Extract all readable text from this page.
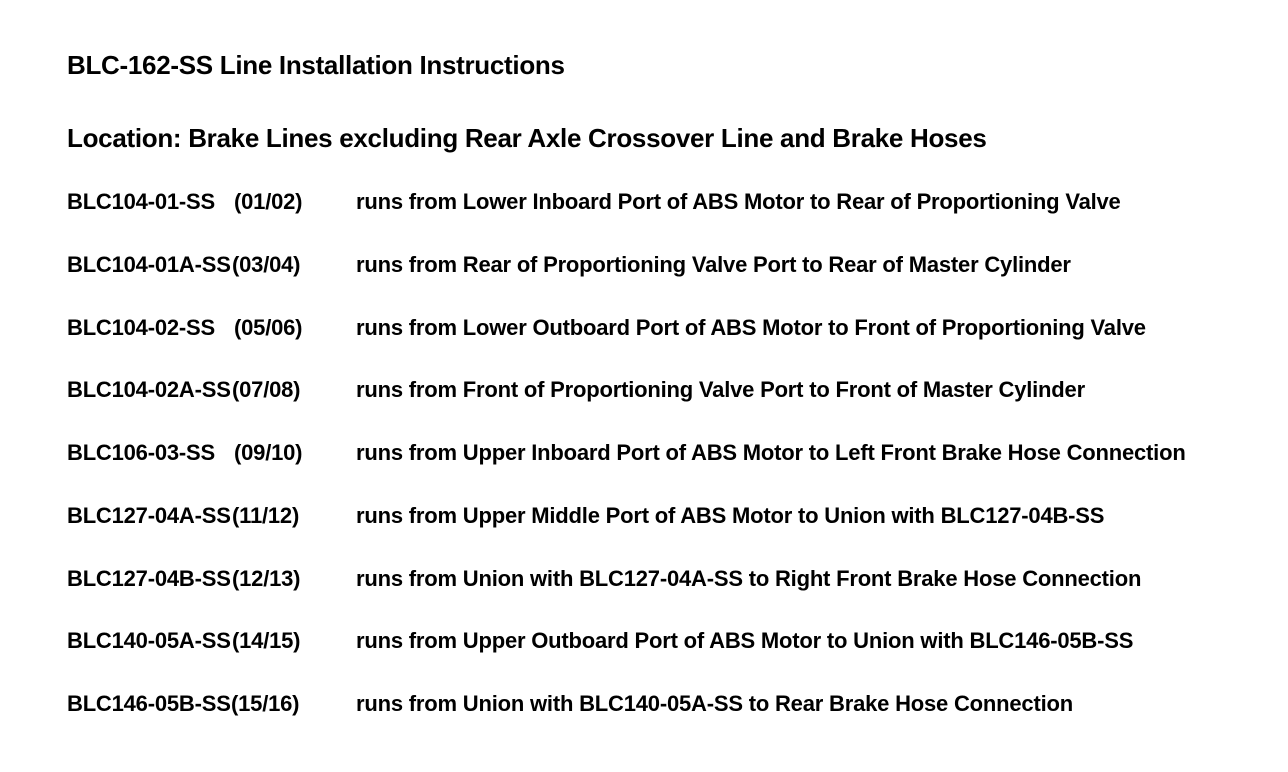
BLC-162-SS Line Installation Instructions
Location: Brake Lines excluding Rear Axle Crossover Line and Brake Hoses
BLC104-01-SS (01/02) runs from Lower Inboard Port of ABS Motor to Rear of Proportioning Valve
BLC104-01A-SS (03/04)	runs from Rear of Proportioning Valve Port to Rear of Master Cylinder
BLC104-02-SS (05/06) runs from Lower Outboard Port of ABS Motor to Front of Proportioning Valve
BLC104-02A-SS (07/08)	runs from Front of Proportioning Valve Port to Front of Master Cylinder
BLC106-03-SS (09/10) runs from Upper Inboard Port of ABS Motor to Left Front Brake Hose Connection
BLC127-04A-SS (11/12)	runs from Upper Middle Port of ABS Motor to Union with BLC127-04B-SS
BLC127-04B-SS (12/13)	runs from Union with BLC127-04A-SS to Right Front Brake Hose Connection
BLC140-05A-SS (14/15)	runs from Upper Outboard Port of ABS Motor to Union with BLC146-05B-SS
BLC146-05B-SS (15/16)	runs from Union with BLC140-05A-SS to Rear Brake Hose Connection
